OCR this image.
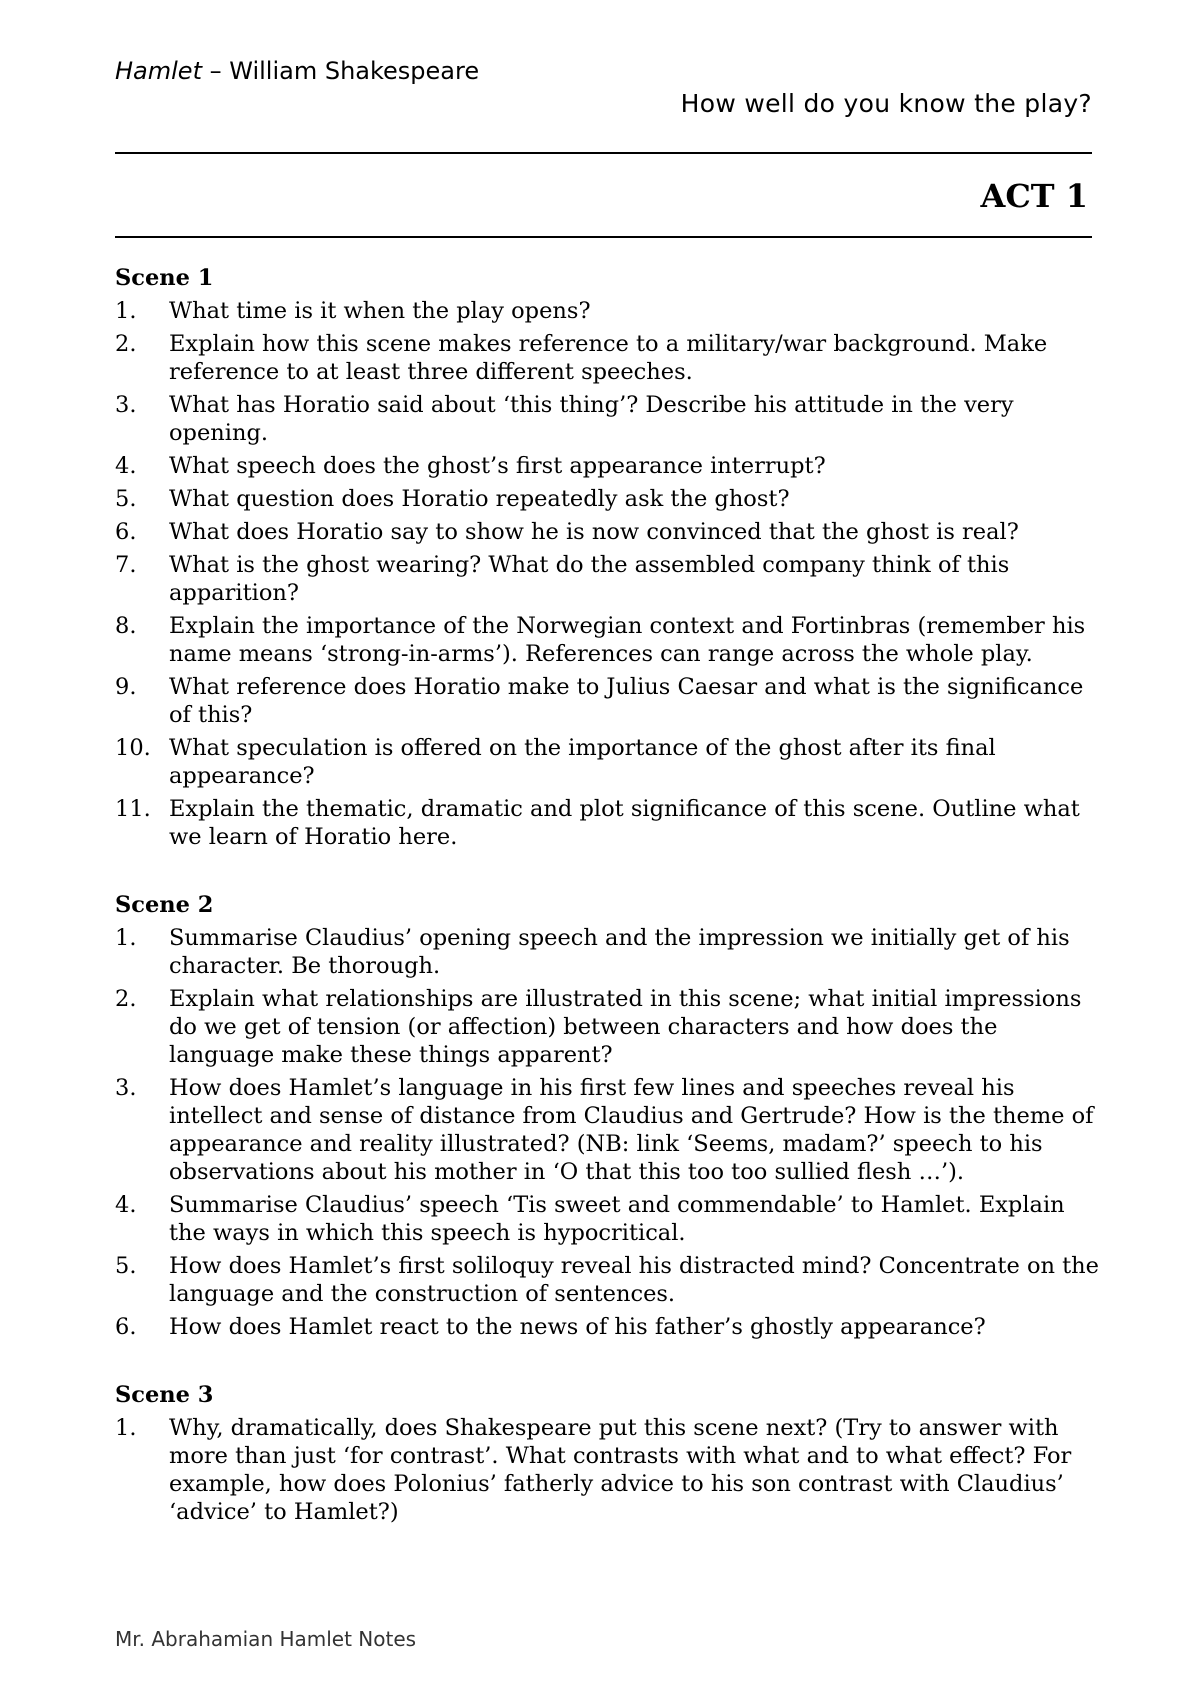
Hamlet – William Shakespeare
How well do you know the play?
ACT 1
Scene 1
1.	What time is it when the play opens?
2.	Explain how this scene makes reference to a military/war background. Make reference to at least three different speeches.
3.	What has Horatio said about ‘this thing’? Describe his attitude in the very opening.
4.	What speech does the ghost’s first appearance interrupt?
5.	What question does Horatio repeatedly ask the ghost?
6.	What does Horatio say to show he is now convinced that the ghost is real?
7.	What is the ghost wearing? What do the assembled company think of this apparition?
8.	Explain the importance of the Norwegian context and Fortinbras (remember his name means ‘strong-in-arms’). References can range across the whole play.
9.	What reference does Horatio make to Julius Caesar and what is the significance of this?
10. What speculation is offered on the importance of the ghost after its final appearance?
11. Explain the thematic, dramatic and plot significance of this scene. Outline what we learn of Horatio here.
Scene 2
1.	Summarise Claudius’ opening speech and the impression we initially get of his character. Be thorough.
2.	Explain what relationships are illustrated in this scene; what initial impressions do we get of tension (or affection) between characters and how does the language make these things apparent?
3.	How does Hamlet’s language in his first few lines and speeches reveal his intellect and sense of distance from Claudius and Gertrude? How is the theme of appearance and reality illustrated? (NB: link ‘Seems, madam?’ speech to his observations about his mother in ‘O that this too too sullied flesh …’).
4.	Summarise Claudius’ speech ‘Tis sweet and commendable’ to Hamlet. Explain the ways in which this speech is hypocritical.
5.	How does Hamlet’s first soliloquy reveal his distracted mind? Concentrate on the language and the construction of sentences.
6.	How does Hamlet react to the news of his father’s ghostly appearance?
Scene 3
1.	Why, dramatically, does Shakespeare put this scene next? (Try to answer with more than just ‘for contrast’. What contrasts with what and to what effect? For example, how does Polonius’ fatherly advice to his son contrast with Claudius’ ‘advice’ to Hamlet?)
Mr. Abrahamian Hamlet Notes
